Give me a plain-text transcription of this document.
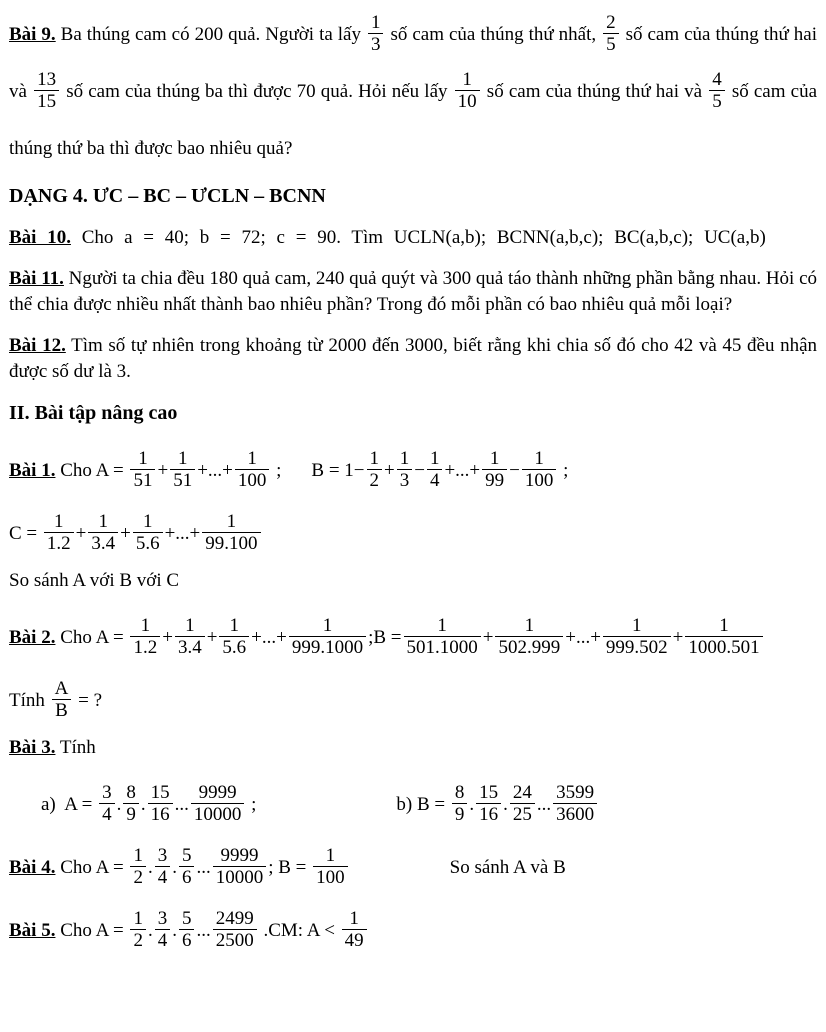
Bài 9. Ba thúng cam có 200 quả. Người ta lấy $\frac{1}{3}$ số cam của thúng thứ nhất, $\frac{2}{5}$ số cam của thúng thứ hai và $\frac{13}{15}$ số cam của thúng ba thì được 70 quả. Hỏi nếu lấy $\frac{1}{10}$ số cam của thúng thứ hai và $\frac{4}{5}$ số cam của thúng thứ ba thì được bao nhiêu quả?

DẠNG 4. ƯC – BC – ƯCLN – BCNN

Bài 10. Cho a = 40; b = 72; c = 90. Tìm UCLN(a,b); BCNN(a,b,c); BC(a,b,c); UC(a,b)

Bài 11. Người ta chia đều 180 quả cam, 240 quả quýt và 300 quả táo thành những phần bằng nhau. Hỏi có thể chia được nhiều nhất thành bao nhiêu phần? Trong đó mỗi phần có bao nhiêu quả mỗi loại?

Bài 12. Tìm số tự nhiên trong khoảng từ 2000 đến 3000, biết rằng khi chia số đó cho 42 và 45 đều nhận được số dư là 3.

II. Bài tập nâng cao

Bài 1. Cho $A = \frac{1}{51} + \frac{1}{51}$ +...+ $\frac{1}{100}$ ; $B = 1- \frac{1}{2} + \frac{1}{3} - \frac{1}{4}$ +...+ $\frac{1}{99} - \frac{1}{100}$ ;

$C = \frac{1}{1.2} + \frac{1}{3.4} + \frac{1}{5.6}$ +...+ $\frac{1}{99.100}$

So sánh A với B với C

Bài 2. Cho $A = \frac{1}{1.2} + \frac{1}{3.4} + \frac{1}{5.6}$ +...+ $\frac{1}{999.1000}$ ;B = $\frac{1}{501.1000} + \frac{1}{502.999}$ +...+ $\frac{1}{999.502} + \frac{1}{1000.501}$

Tính $\frac{A}{B}$ = ?

Bài 3. Tính

a)  $A = \frac{3}{4}$ . $\frac{8}{9}$ . $\frac{15}{16}$ ... $\frac{9999}{10000}$ ;	b) $B = \frac{8}{9}$ . $\frac{15}{16}$ . $\frac{24}{25}$ ... $\frac{3599}{3600}$

Bài 4. Cho $A = \frac{1}{2}$ . $\frac{3}{4}$ . $\frac{5}{6}$ ... $\frac{9999}{10000}$ ; $B = \frac{1}{100}$	So sánh A và B

Bài 5. Cho $A = \frac{1}{2}$ . $\frac{3}{4}$ . $\frac{5}{6}$ ... $\frac{2499}{2500} .CM$: $A < \frac{1}{49}$
